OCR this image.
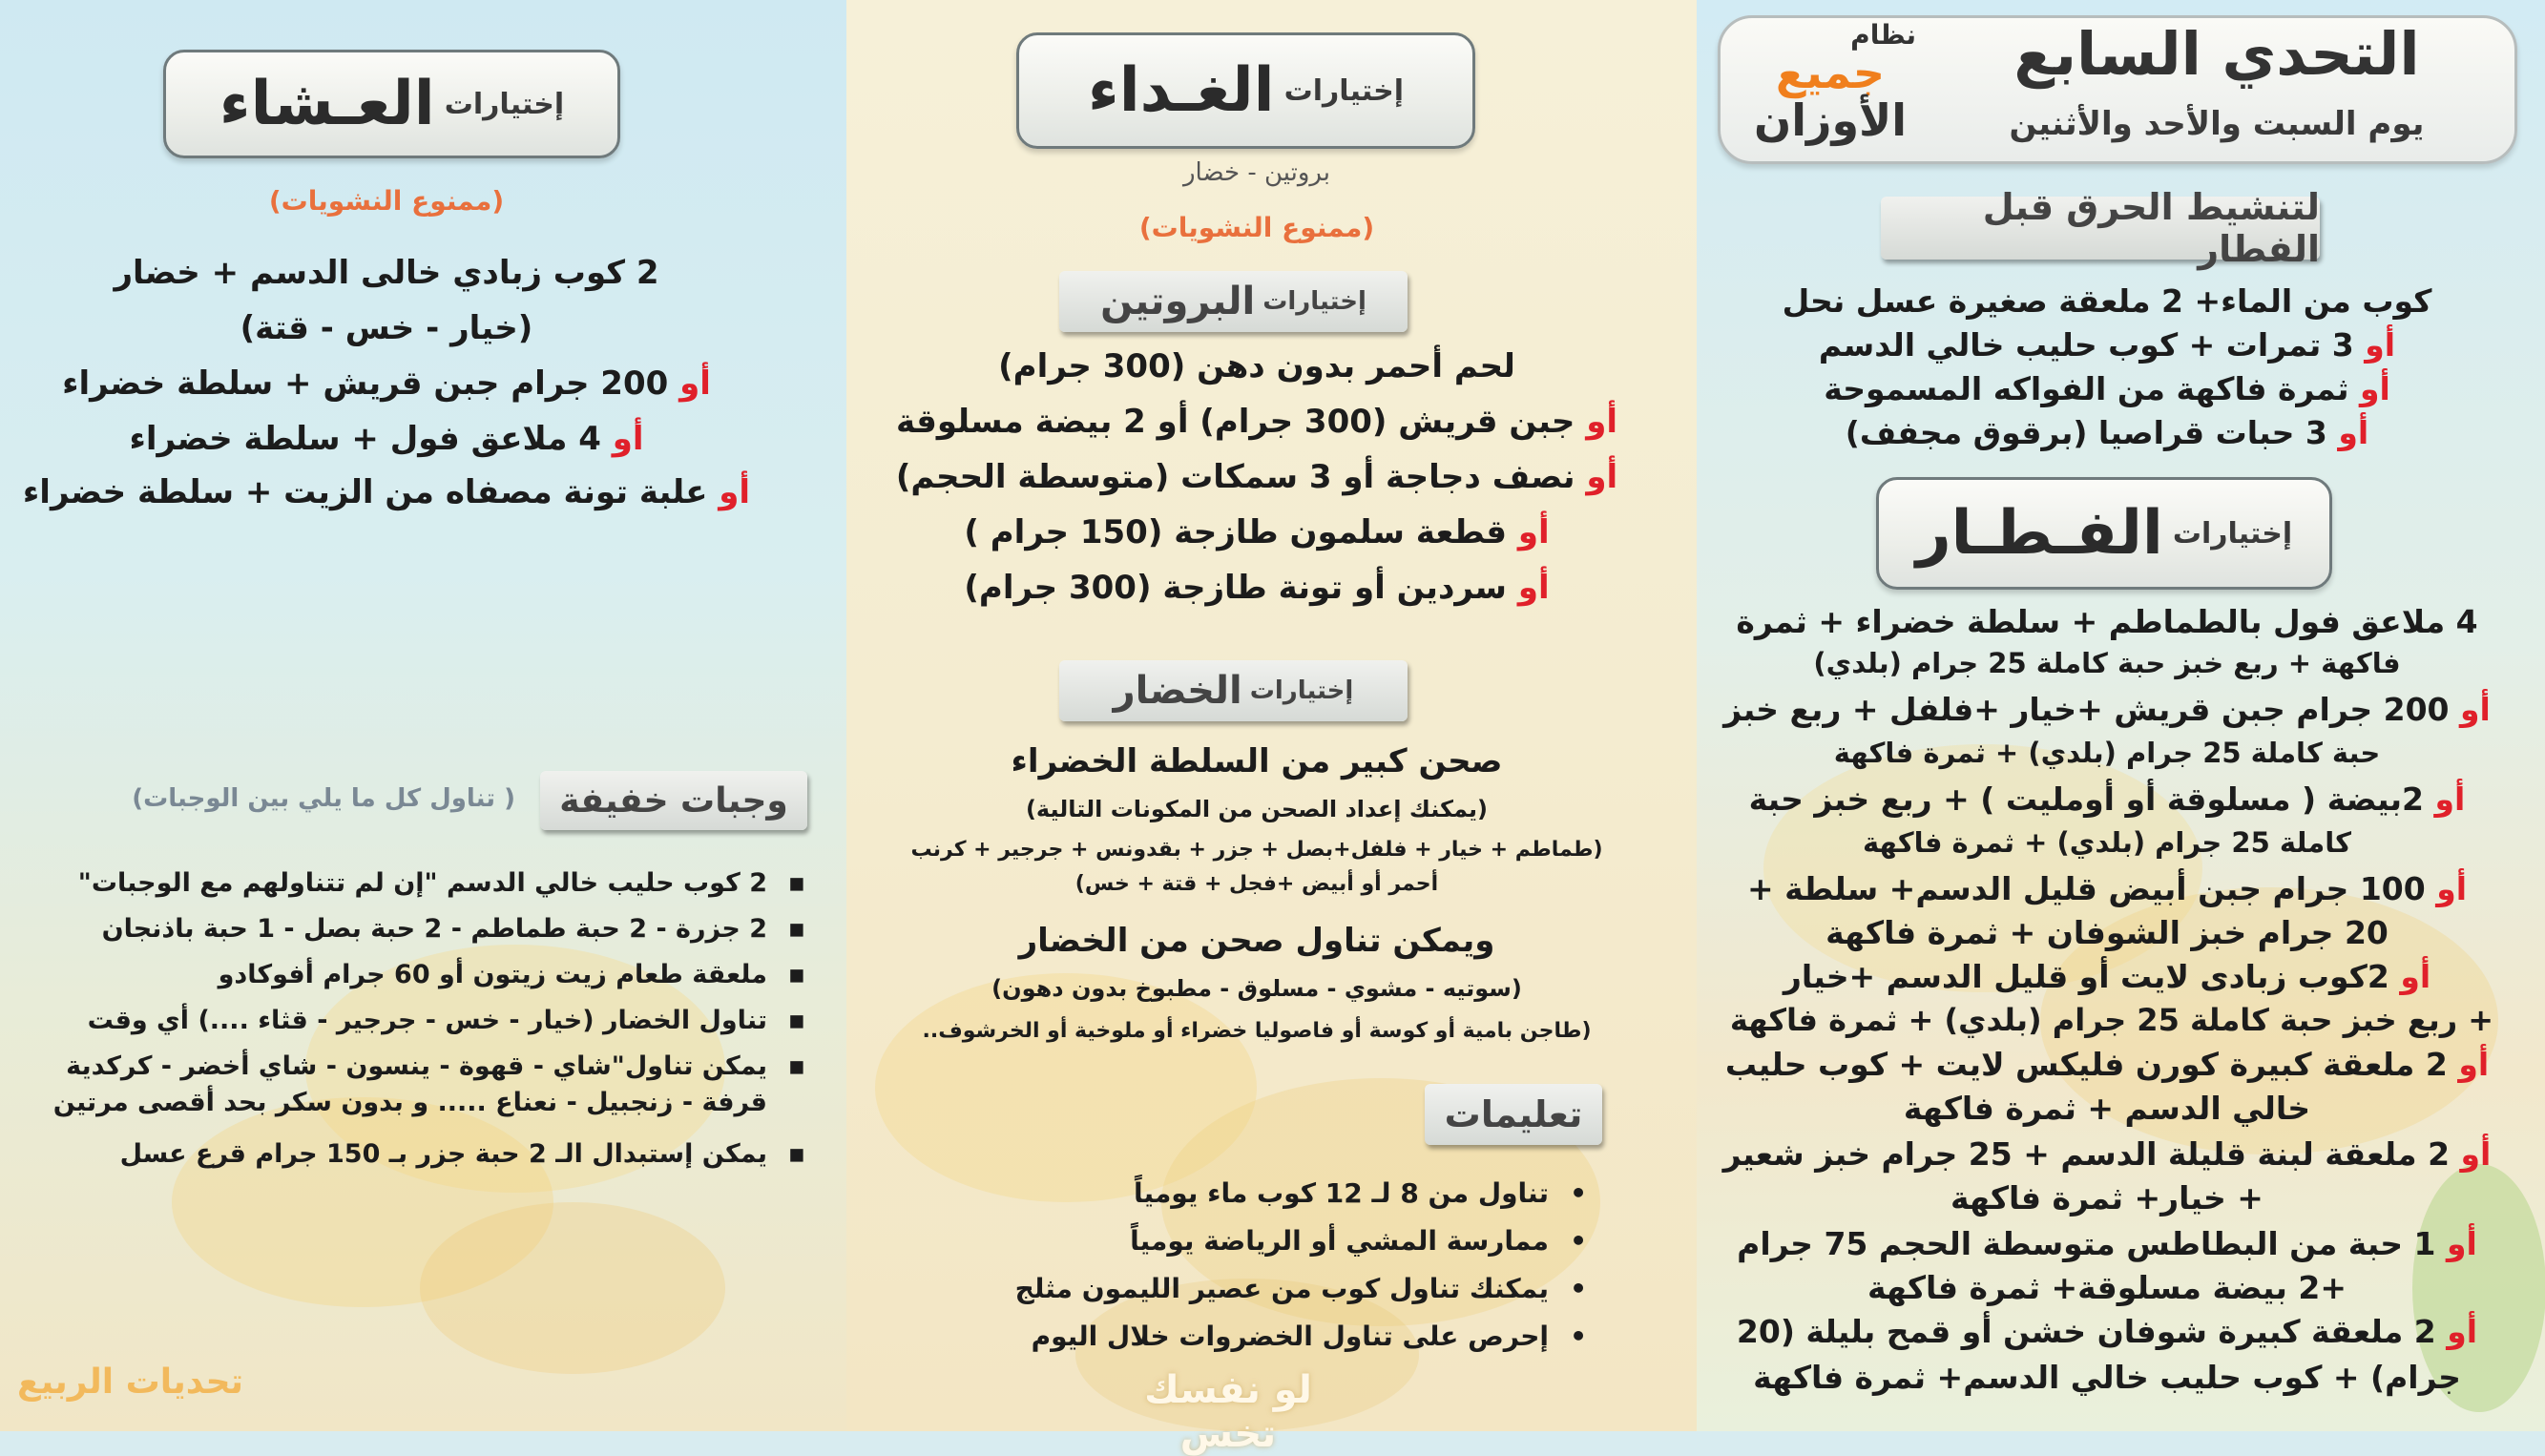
إختيارات
العـشاء
(ممنوع النشويات)
2 كوب زبادي خالى الدسم + خضار
(خيار - خس - قتة)
أو 200 جرام جبن قريش + سلطة خضراء
أو 4 ملاعق فول + سلطة خضراء
أو علبة تونة مصفاه من الزيت + سلطة خضراء
وجبات خفيفة
( تناول كل ما يلي بين الوجبات)
▪
2 كوب حليب خالي الدسم "إن لم تتناولهم مع الوجبات"
▪
2 جزرة - 2 حبة طماطم - 2 حبة بصل - 1 حبة باذنجان
▪
ملعقة طعام زيت زيتون أو 60 جرام أفوكادو
▪
تناول الخضار (خيار - خس - جرجير - قثاء ....) أي وقت
▪
يمكن تناول"شاي - قهوة - ينسون - شاي أخضر - كركدية
قرفة - زنجبيل - نعناع ..... و بدون سكر بحد أقصى مرتين
▪
يمكن إستبدال الـ 2 حبة جزر بـ 150 جرام قرع عسل
تحديات الربيع
إختيارات
الغـداء
بروتين - خضار
(ممنوع النشويات)
إختيارات
البروتين
لحم أحمر بدون دهن (300 جرام)
أو جبن قريش (300 جرام) أو 2 بيضة مسلوقة
أو نصف دجاجة أو 3 سمكات (متوسطة الحجم)
أو قطعة سلمون طازجة (150 جرام )
أو سردين أو تونة طازجة (300 جرام)
إختيارات
الخضار
صحن كبير من السلطة الخضراء
(يمكنك إعداد الصحن من المكونات التالية)
(طماطم + خيار + فلفل+بصل + جزر + بقدونس + جرجير + كرنب
أحمر أو أبيض +فجل + قتة + خس)
ويمكن تناول صحن من الخضار
(سوتيه - مشوي - مسلوق - مطبوخ بدون دهون)
(طاجن بامية أو كوسة أو فاصوليا خضراء أو ملوخية أو الخرشوف..
تعليمات
•
تناول من 8 لـ 12 كوب ماء يومياً
•
ممارسة المشي أو الرياضة يومياً
•
يمكنك تناول كوب من عصير الليمون مثلج
•
إحرص على تناول الخضروات خلال اليوم
لو نفسك تخس
التحدي السابع
يوم السبت والأحد والأثنين
نظام
جميع
الأوزان
لتنشيط الحرق قبل الفطار
كوب من الماء+ 2 ملعقة صغيرة عسل نحل
أو 3 تمرات + كوب حليب خالي الدسم
أو ثمرة فاكهة من الفواكه المسموحة
أو 3 حبات قراصيا (برقوق مجفف)
إختيارات
الفـطـار
4 ملاعق فول بالطماطم + سلطة خضراء + ثمرة
فاكهة + ربع خبز حبة كاملة 25 جرام (بلدي)
أو 200 جرام جبن قريش +خيار +فلفل + ربع خبز
حبة كاملة 25 جرام (بلدي) + ثمرة فاكهة
أو 2بيضة ( مسلوقة أو أومليت ) + ربع خبز حبة
كاملة 25 جرام (بلدي) + ثمرة فاكهة
أو 100 جرام جبن أبيض قليل الدسم+ سلطة +
20 جرام خبز الشوفان + ثمرة فاكهة
أو 2كوب زبادى لايت أو قليل الدسم +خيار
+ ربع خبز حبة كاملة 25 جرام (بلدي) + ثمرة فاكهة
أو 2 ملعقة كبيرة كورن فليكس لايت + كوب حليب
خالي الدسم + ثمرة فاكهة
أو 2 ملعقة لبنة قليلة الدسم + 25 جرام خبز شعير
+ خيار+ ثمرة فاكهة
أو 1 حبة من البطاطس متوسطة الحجم 75 جرام
+2 بيضة مسلوقة+ ثمرة فاكهة
أو 2 ملعقة كبيرة شوفان خشن أو قمح بليلة (20
جرام) + كوب حليب خالي الدسم+ ثمرة فاكهة
